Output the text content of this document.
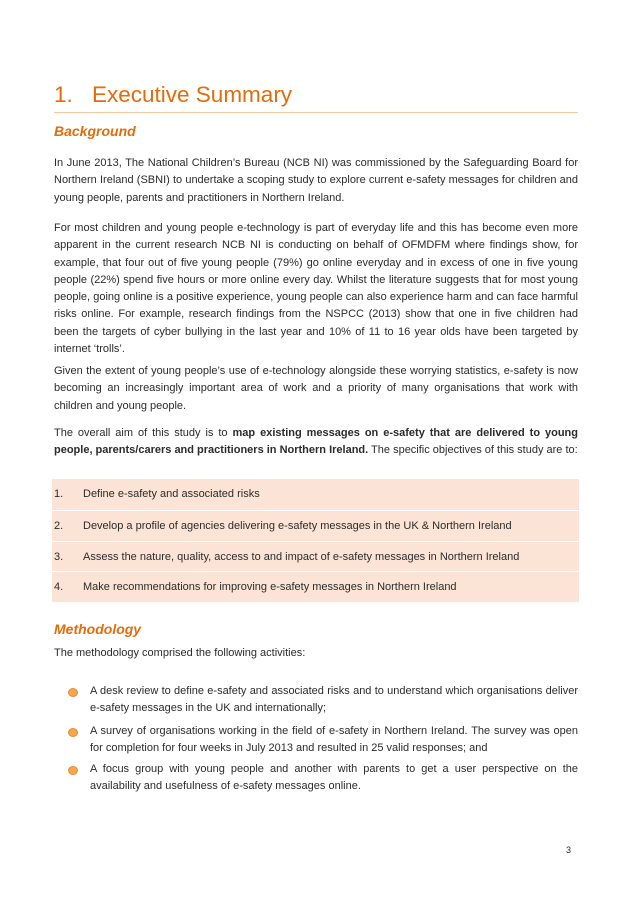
1. Executive Summary
Background

In June 2013, The National Children’s Bureau (NCB NI) was commissioned by the Safeguarding Board for Northern Ireland (SBNI) to undertake a scoping study to explore current e-safety messages for children and young people, parents and practitioners in Northern Ireland.

For most children and young people e-technology is part of everyday life and this has become even more apparent in the current research NCB NI is conducting on behalf of OFMDFM where findings show, for example, that four out of five young people (79%) go online everyday and in excess of one in five young people (22%) spend five hours or more online every day. Whilst the literature suggests that for most young people, going online is a positive experience, young people can also experience harm and can face harmful risks online. For example, research findings from the NSPCC (2013) show that one in five children had been the targets of cyber bullying in the last year and 10% of 11 to 16 year olds have been targeted by internet ‘trolls’.

Given the extent of young people’s use of e-technology alongside these worrying statistics, e-safety is now becoming an increasingly important area of work and a priority of many organisations that work with children and young people.

The overall aim of this study is to map existing messages on e-safety that are delivered to young people, parents/carers and practitioners in Northern Ireland. The specific objectives of this study are to:

1. Define e-safety and associated risks
2. Develop a profile of agencies delivering e-safety messages in the UK & Northern Ireland
3. Assess the nature, quality, access to and impact of e-safety messages in Northern Ireland
4. Make recommendations for improving e-safety messages in Northern Ireland
Methodology

The methodology comprised the following activities:

A desk review to define e-safety and associated risks and to understand which organisations deliver e-safety messages in the UK and internationally;

A survey of organisations working in the field of e-safety in Northern Ireland. The survey was open for completion for four weeks in July 2013 and resulted in 25 valid responses; and

A focus group with young people and another with parents to get a user perspective on the availability and usefulness of e-safety messages online.

3
